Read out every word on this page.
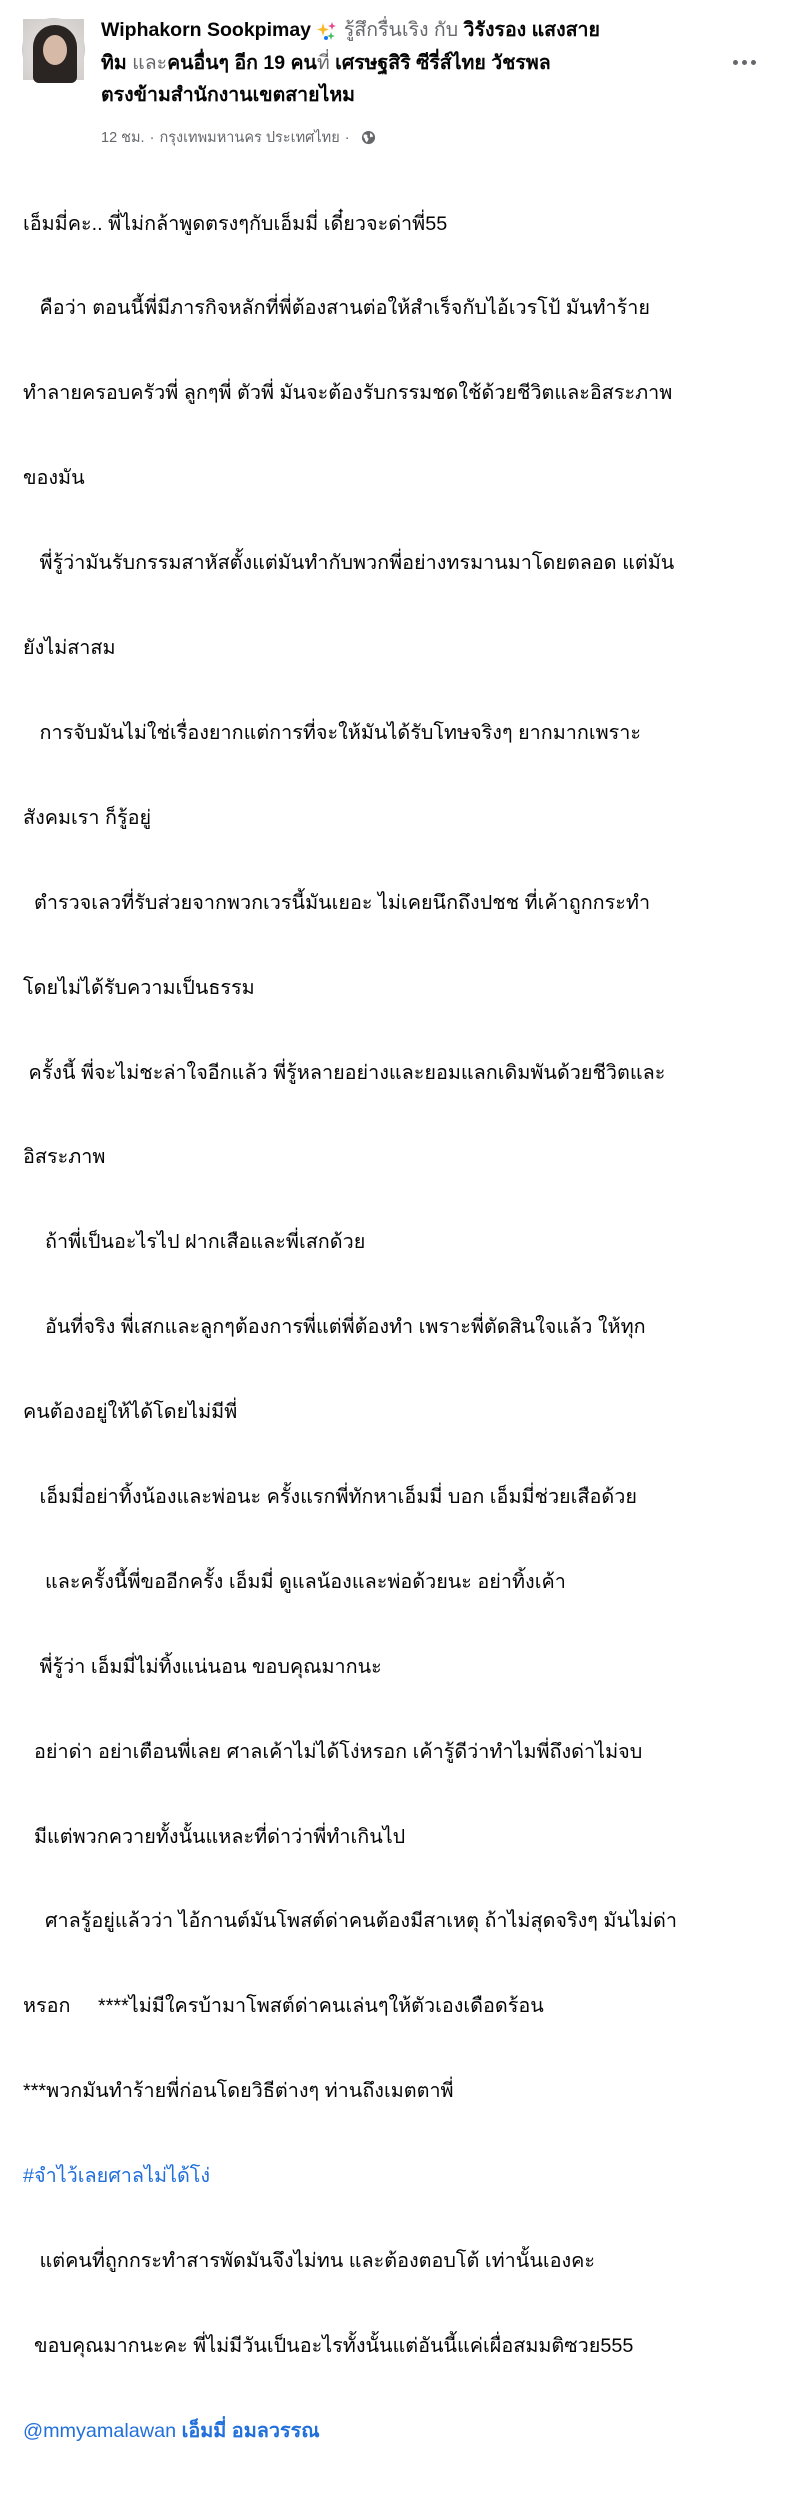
Wiphakorn Sookpimay  รู้สึกรื่นเริง กับ วิรังรอง แสงสาย
ทิม และคนอื่นๆ อีก 19 คนที่ เศรษฐสิริ ซีรี่ส์ไทย วัชรพล
ตรงข้ามสำนักงานเขตสายไหม
12 ชม. · กรุงเทพมหานคร ประเทศไทย ·

เอ็มมี่คะ.. พี่ไม่กล้าพูดตรงๆกับเอ็มมี่ เดี๋ยวจะด่าพี่55

คือว่า ตอนนี้พี่มีภารกิจหลักที่พี่ต้องสานต่อให้สำเร็จกับไอ้เวรโป้ มันทำร้าย

ทำลายครอบครัวพี่ ลูกๆพี่ ตัวพี่ มันจะต้องรับกรรมชดใช้ด้วยชีวิตและอิสระภาพ

ของมัน

พี่รู้ว่ามันรับกรรมสาหัสตั้งแต่มันทำกับพวกพี่อย่างทรมานมาโดยตลอด แต่มัน

ยังไม่สาสม

การจับมันไม่ใช่เรื่องยากแต่การที่จะให้มันได้รับโทษจริงๆ ยากมากเพราะ

สังคมเรา ก็รู้อยู่

ตำรวจเลวที่รับส่วยจากพวกเวรนี้มันเยอะ ไม่เคยนึกถึงปชช ที่เค้าถูกกระทำ

โดยไม่ได้รับความเป็นธรรม

ครั้งนี้ พี่จะไม่ชะล่าใจอีกแล้ว พี่รู้หลายอย่างและยอมแลกเดิมพันด้วยชีวิตและ

อิสระภาพ

ถ้าพี่เป็นอะไรไป ฝากเสือและพี่เสกด้วย

อันที่จริง พี่เสกและลูกๆต้องการพี่แต่พี่ต้องทำ เพราะพี่ตัดสินใจแล้ว ให้ทุก

คนต้องอยู่ให้ได้โดยไม่มีพี่

เอ็มมี่อย่าทิ้งน้องและพ่อนะ ครั้งแรกพี่ทักหาเอ็มมี่ บอก เอ็มมี่ช่วยเสือด้วย

และครั้งนี้พี่ขออีกครั้ง เอ็มมี่ ดูแลน้องและพ่อด้วยนะ อย่าทิ้งเค้า

พี่รู้ว่า เอ็มมี่ไม่ทิ้งแน่นอน ขอบคุณมากนะ

อย่าด่า อย่าเตือนพี่เลย ศาลเค้าไม่ได้โง่หรอก เค้ารู้ดีว่าทำไมพี่ถึงด่าไม่จบ

มีแต่พวกควายทั้งนั้นแหละที่ด่าว่าพี่ทำเกินไป

ศาลรู้อยู่แล้วว่า ไอ้กานต์มันโพสต์ด่าคนต้องมีสาเหตุ ถ้าไม่สุดจริงๆ มันไม่ด่า

หรอก     ****ไม่มีใครบ้ามาโพสต์ด่าคนเล่นๆให้ตัวเองเดือดร้อน

***พวกมันทำร้ายพี่ก่อนโดยวิธีต่างๆ ท่านถึงเมตตาพี่

#จำไว้เลยศาลไม่ได้โง่

แต่คนที่ถูกกระทำสารพัดมันจึงไม่ทน และต้องตอบโต้ เท่านั้นเองคะ

ขอบคุณมากนะคะ พี่ไม่มีวันเป็นอะไรทั้งนั้นแต่อันนี้แค่เผื่อสมมติซวย555

@mmyamalawan เอ็มมี่ อมลวรรณ
